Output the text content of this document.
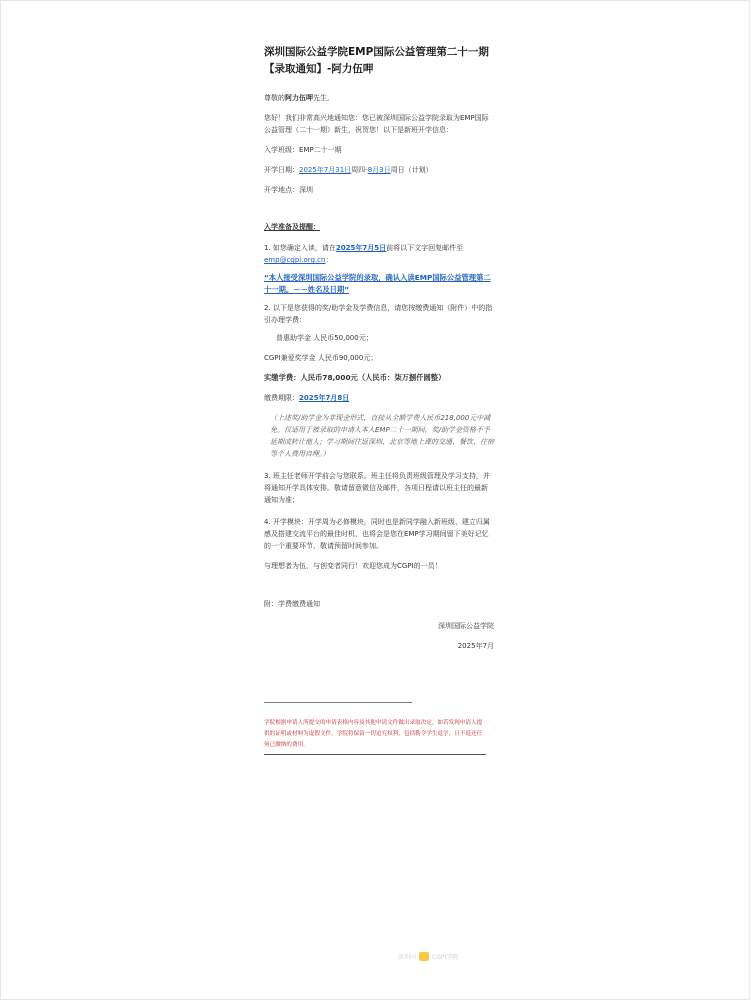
深圳国际公益学院EMP国际公益管理第二十一期【录取通知】-阿力伍呷

尊敬的阿力伍呷先生,

您好！我们非常高兴地通知您：您已被深圳国际公益学院录取为EMP国际公益管理（二十一期）新生，祝贺您！以下是新班开学信息：

入学班级：EMP二十一期

开学日期：2025年7月31日周四-8月3日周日（计划）

开学地点：深圳

入学准备及提醒：

1. 如您确定入读，请在2025年7月5日前将以下文字回复邮件至emp@cgpi.org.cn：

“本人接受深圳国际公益学院的录取，确认入读EMP国际公益管理第二十一期。－－姓名及日期”

2. 以下是您获得的奖/助学金及学费信息，请您按缴费通知（附件）中的指引办理学费：

普惠助学金 人民币50,000元；

CGPI兼爱奖学金 人民币90,000元；

实缴学费：人民币78,000元（人民币：柒万捌仟圆整）

缴费期限：2025年7月8日

（上述奖/助学金为非现金形式，直接从全额学费人民币218,000元中减免。仅适用于被录取的申请人本人EMP二十一期间，奖/助学金资格不予延期或转让他人；学习期间往返深圳、北京等地上课的交通、餐饮、住宿等个人费用自理。）

3. 班主任老师开学前会与您联系。班主任将负责班级管理及学习支持，并将通知开学具体安排。敬请留意微信及邮件，各项日程请以班主任的最新通知为准；

4. 开学模块：开学周为必修模块，同时也是新同学融入新班级、建立归属感及搭建交流平台的最佳时机，也将会是您在EMP学习期间留下美好记忆的一个重要环节，敬请预留时间参加。

与理想者为伍，与创变者同行！欢迎您成为CGPI的一员！

附：学费缴费通知

深圳国际公益学院

2025年7月

学院根据申请人所提交的申请表格内容及其他申请文件做出录取决定。如若发现申请人提供的证明或材料为虚假文件，学院将保留一切追究权利，包括勒令学生退学，且不退还任何已缴纳的费用。

深圳国	CGPI学院
